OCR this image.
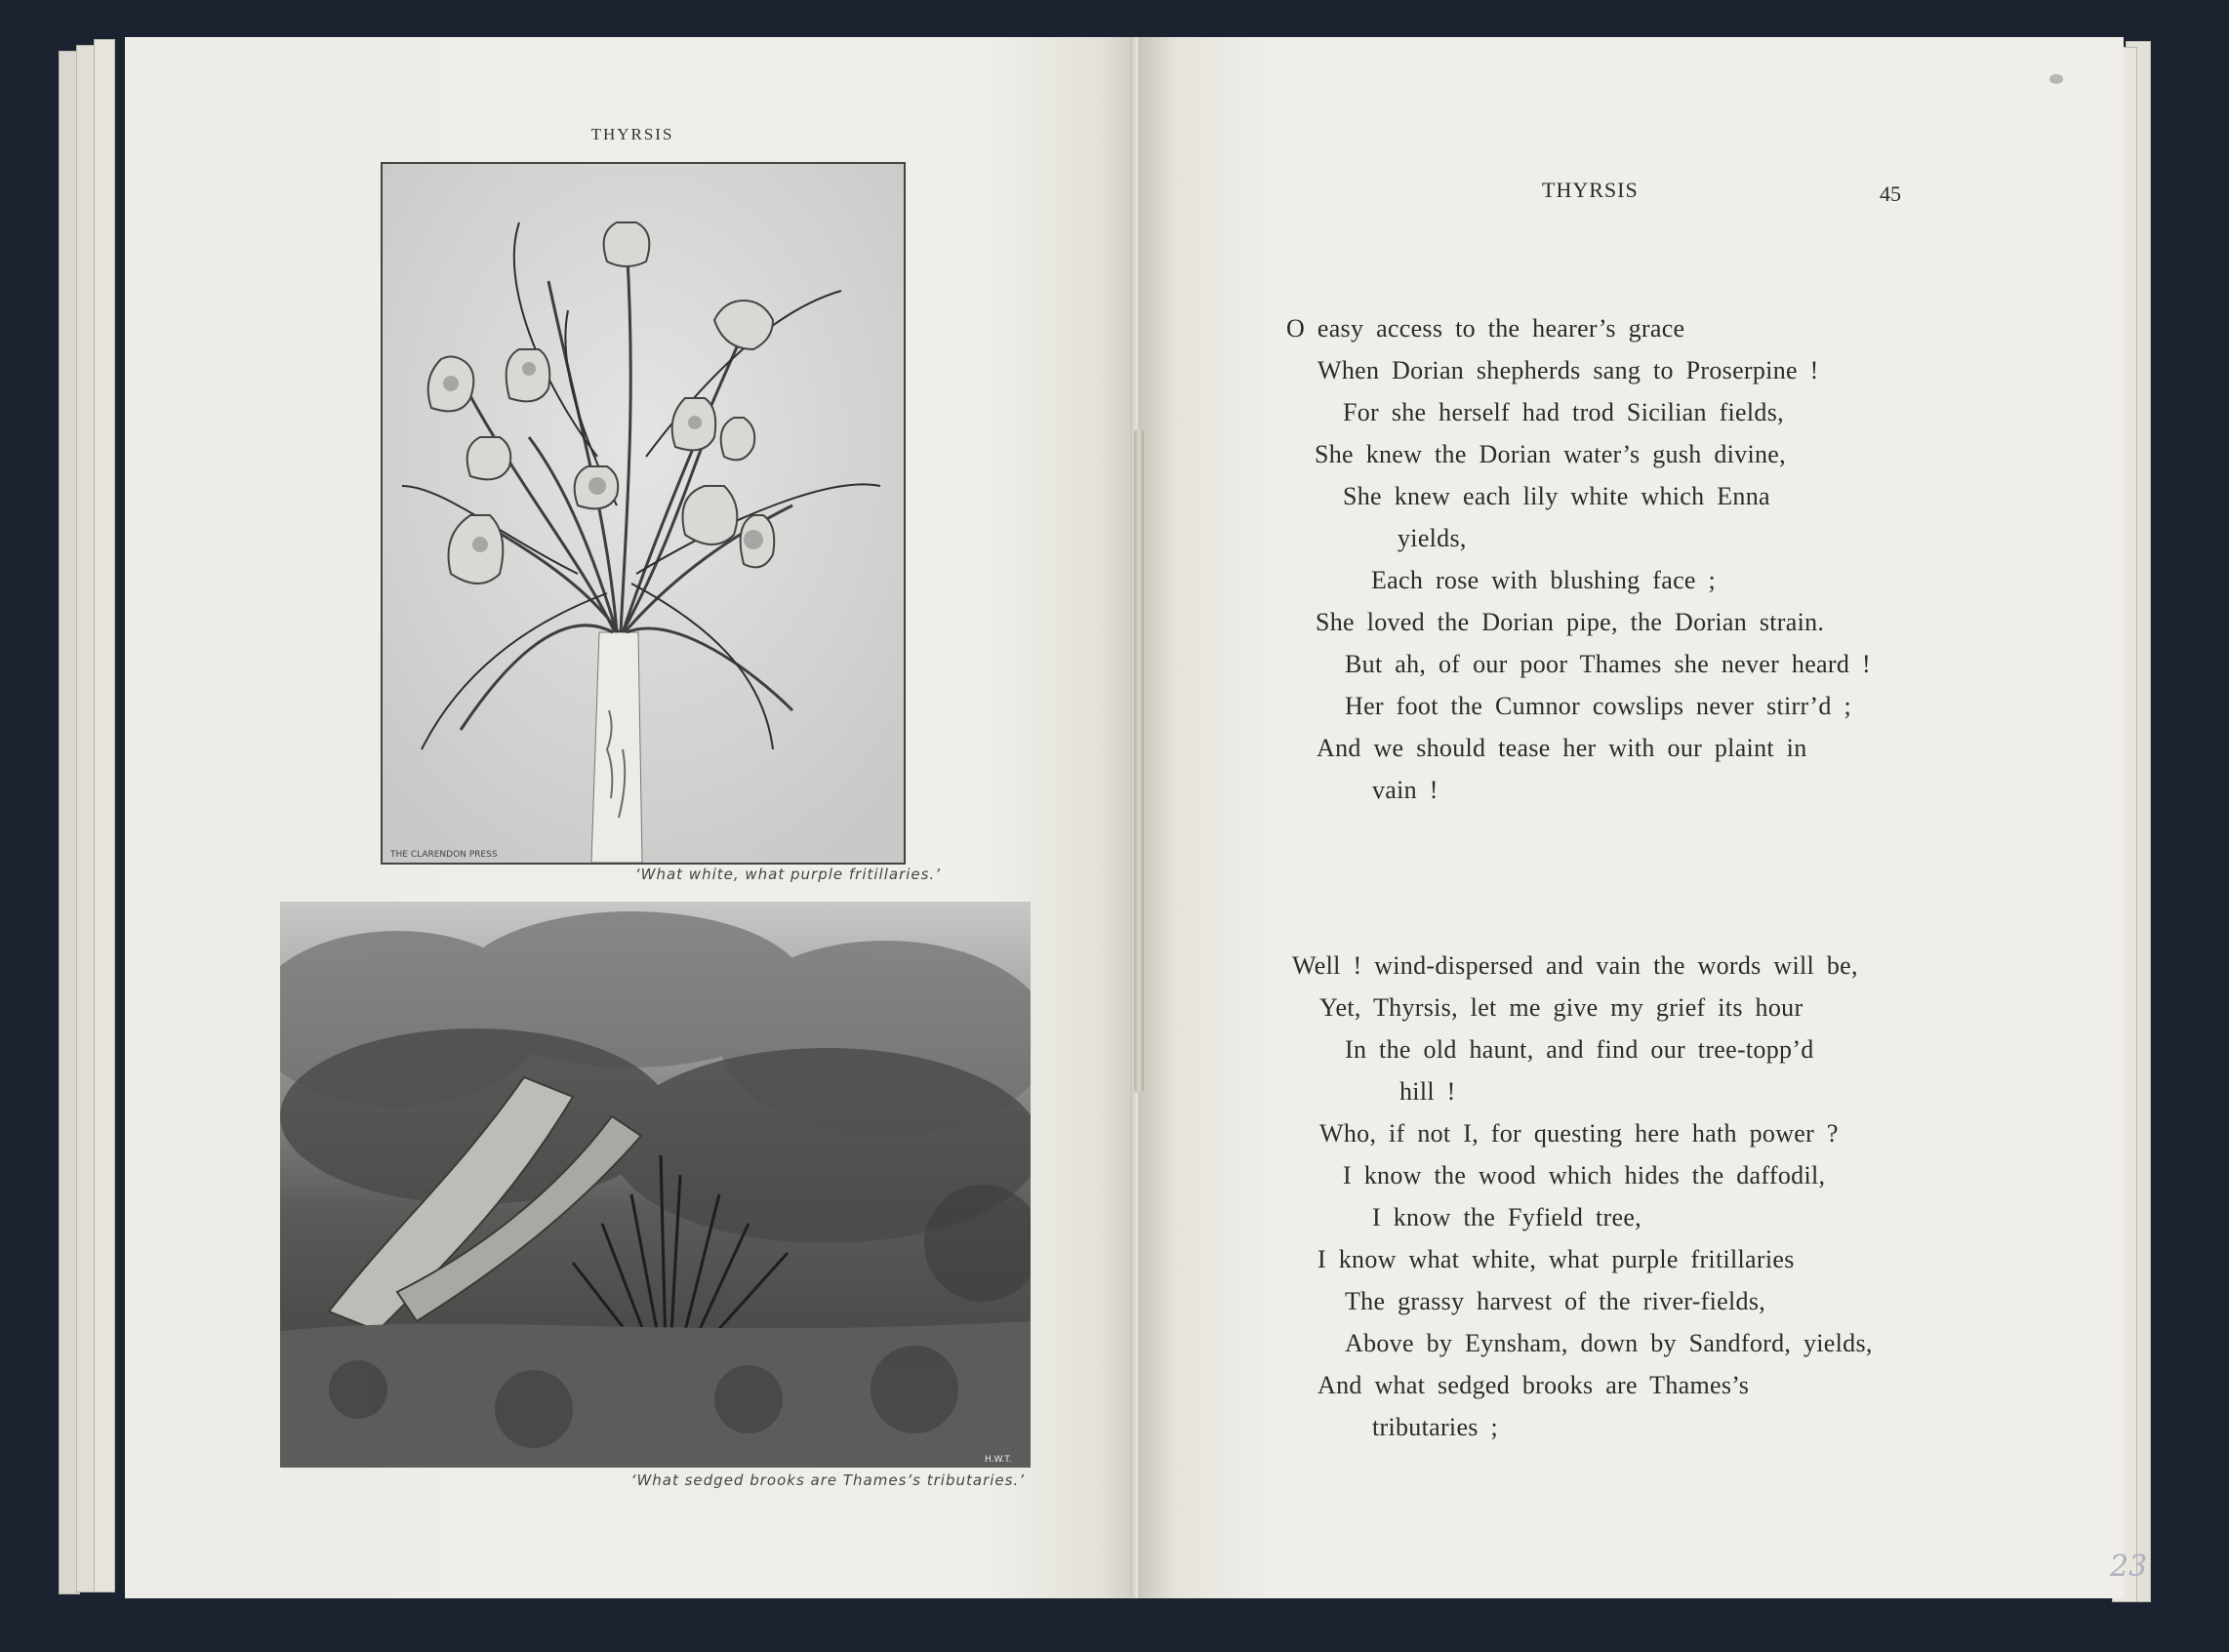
THYRSIS
THE CLARENDON PRESS
‘What white, what purple fritillaries.’
H.W.T.
‘What sedged brooks are Thames’s tributaries.’
THYRSIS	45
O easy access to the hearer’s grace
When Dorian shepherds sang to Proserpine !
For she herself had trod Sicilian fields,
She knew the Dorian water’s gush divine,
She knew each lily white which Enna
yields,
Each rose with blushing face ;
She loved the Dorian pipe, the Dorian strain.
But ah, of our poor Thames she never heard !
Her foot the Cumnor cowslips never stirr’d ;
And we should tease her with our plaint in
vain !
Well ! wind-dispersed and vain the words will be,
Yet, Thyrsis, let me give my grief its hour
In the old haunt, and find our tree-topp’d
hill !
Who, if not I, for questing here hath power ?
I know the wood which hides the daffodil,
I know the Fyfield tree,
I know what white, what purple fritillaries
The grassy harvest of the river-fields,
Above by Eynsham, down by Sandford, yields,
And what sedged brooks are Thames’s
tributaries ;
23
